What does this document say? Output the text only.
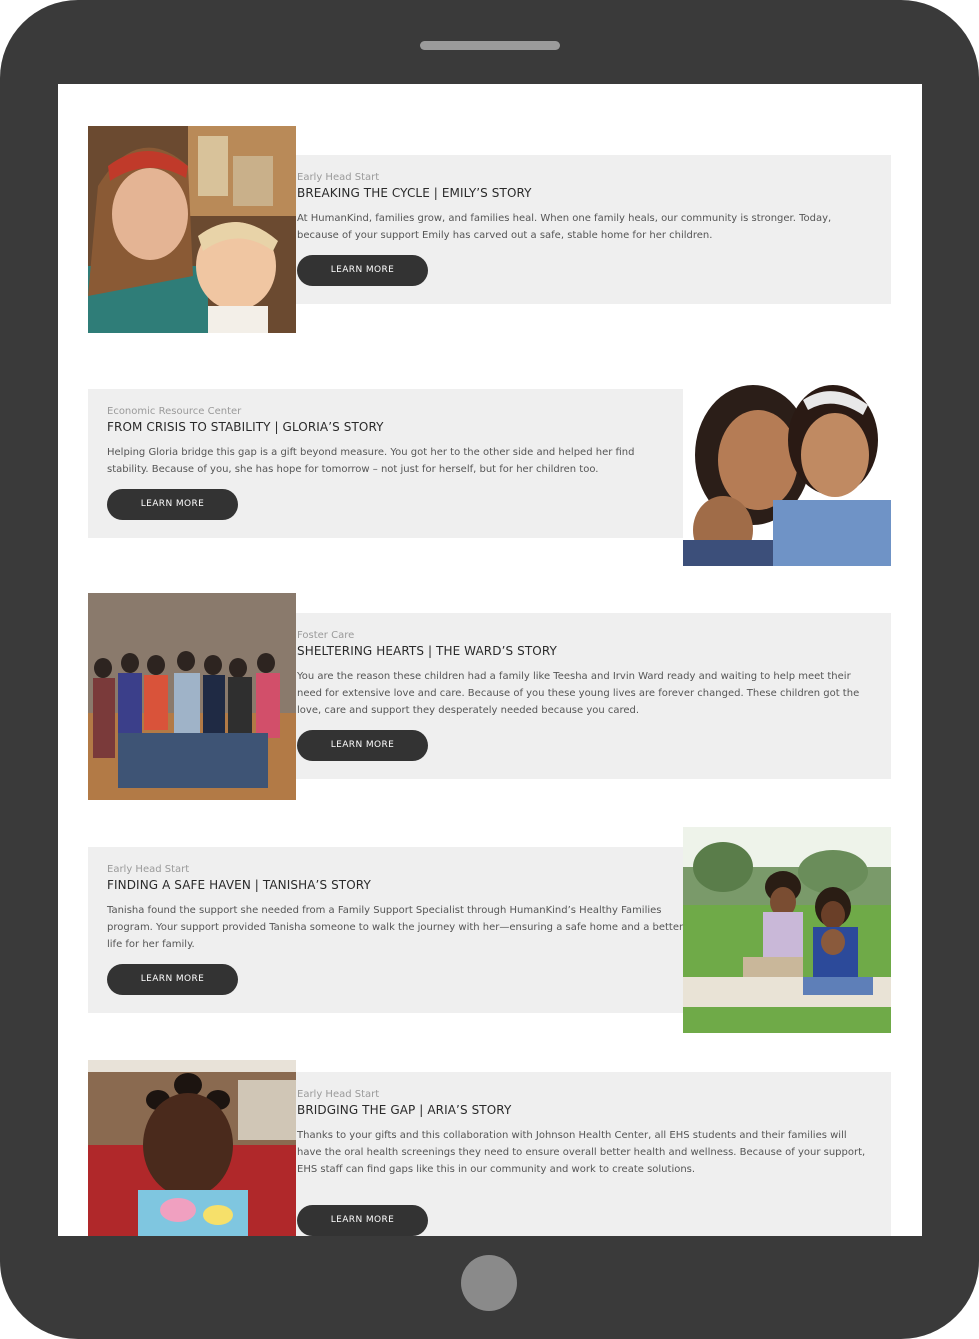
Early Head Start
BREAKING THE CYCLE | EMILY’S STORY
At HumanKind, families grow, and families heal. When one family heals, our community is stronger. Today, because of your support Emily has carved out a safe, stable home for her children.
LEARN MORE
Economic Resource Center
FROM CRISIS TO STABILITY | GLORIA’S STORY
Helping Gloria bridge this gap is a gift beyond measure. You got her to the other side and helped her find stability. Because of you, she has hope for tomorrow – not just for herself, but for her children too.
LEARN MORE
Foster Care
SHELTERING HEARTS | THE WARD’S STORY
You are the reason these children had a family like Teesha and Irvin Ward ready and waiting to help meet their need for extensive love and care. Because of you these young lives are forever changed. These children got the love, care and support they desperately needed because you cared.
LEARN MORE
Early Head Start
FINDING A SAFE HAVEN | TANISHA’S STORY
Tanisha found the support she needed from a Family Support Specialist through HumanKind’s Healthy Families program. Your support provided Tanisha someone to walk the journey with her—ensuring a safe home and a better life for her family.
LEARN MORE
Early Head Start
BRIDGING THE GAP | ARIA’S STORY
Thanks to your gifts and this collaboration with Johnson Health Center, all EHS students and their families will have the oral health screenings they need to ensure overall better health and wellness. Because of your support, EHS staff can find gaps like this in our community and work to create solutions.
LEARN MORE
